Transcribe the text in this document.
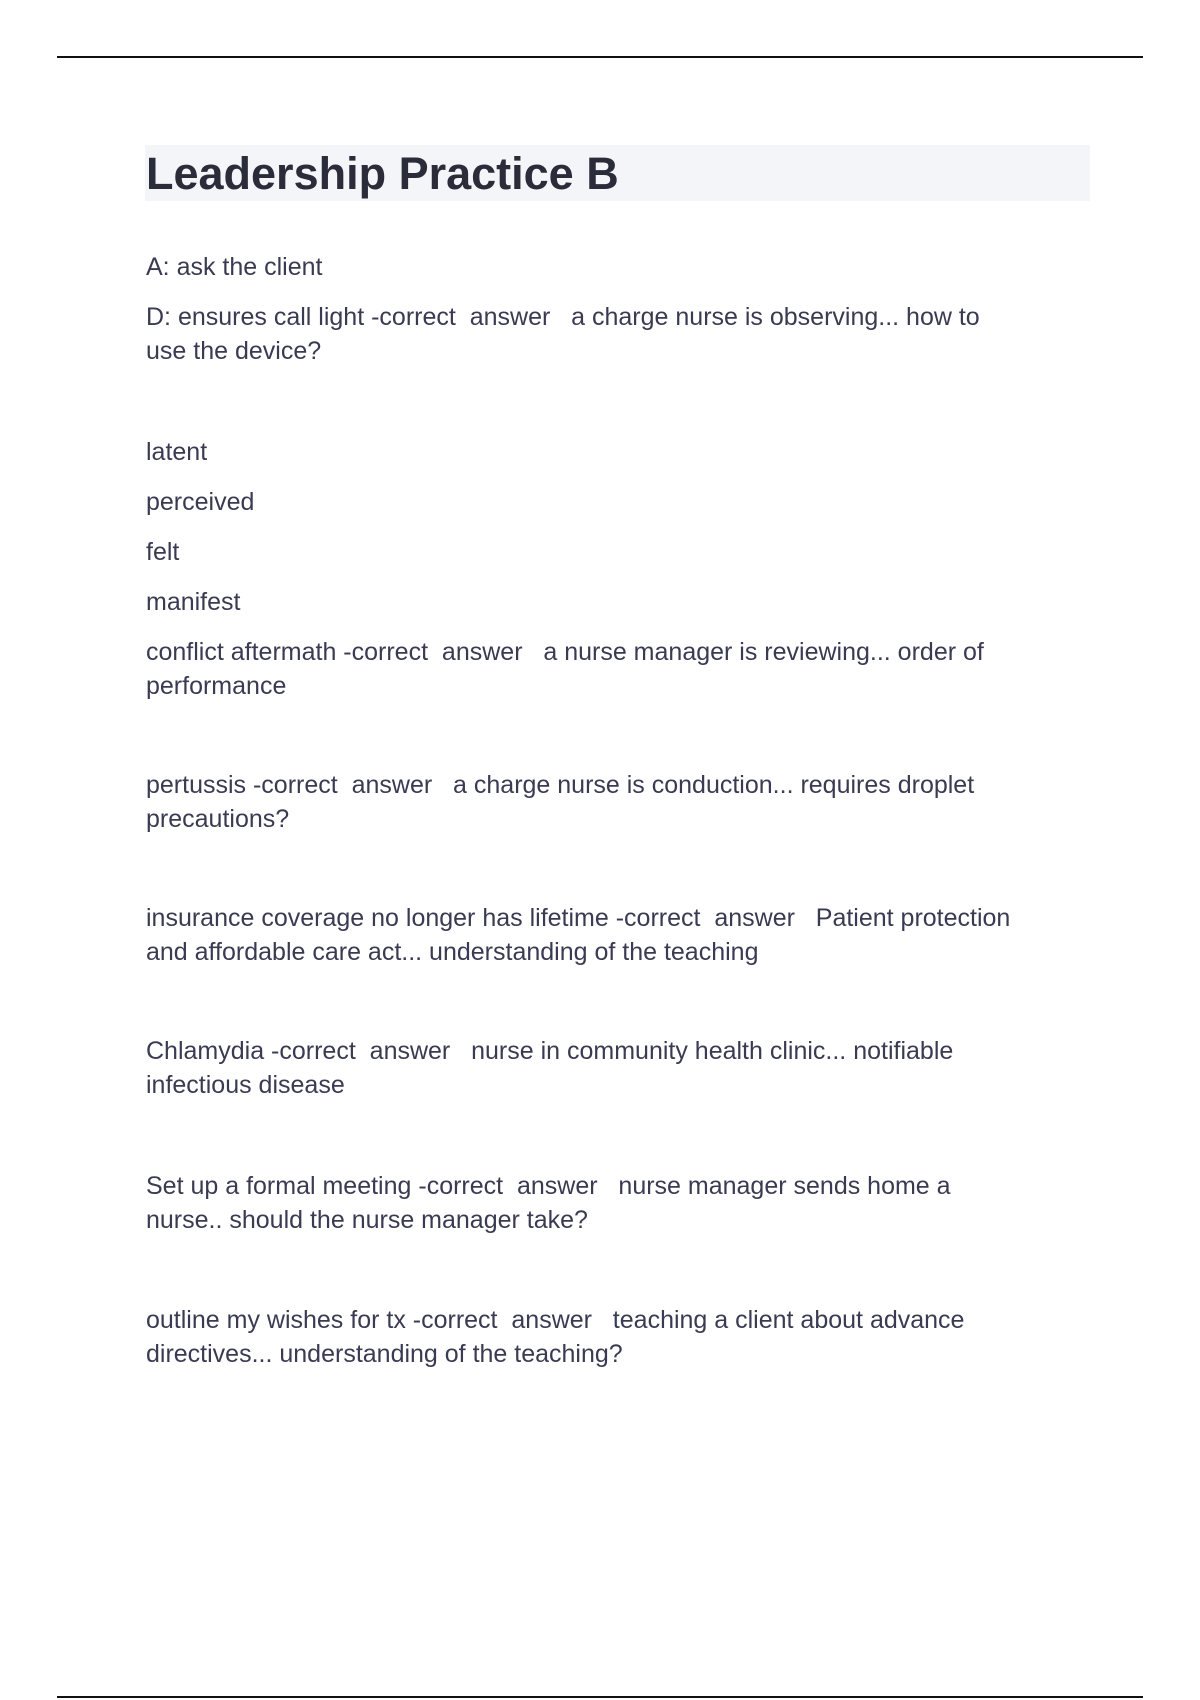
Leadership Practice B

A: ask the client

D: ensures call light -correct  answer   a charge nurse is observing... how to
use the device?

latent

perceived

felt

manifest

conflict aftermath -correct  answer   a nurse manager is reviewing... order of
performance

pertussis -correct  answer   a charge nurse is conduction... requires droplet
precautions?

insurance coverage no longer has lifetime -correct  answer   Patient protection
and affordable care act... understanding of the teaching

Chlamydia -correct  answer   nurse in community health clinic... notifiable
infectious disease

Set up a formal meeting -correct  answer   nurse manager sends home a
nurse.. should the nurse manager take?

outline my wishes for tx -correct  answer   teaching a client about advance
directives... understanding of the teaching?
